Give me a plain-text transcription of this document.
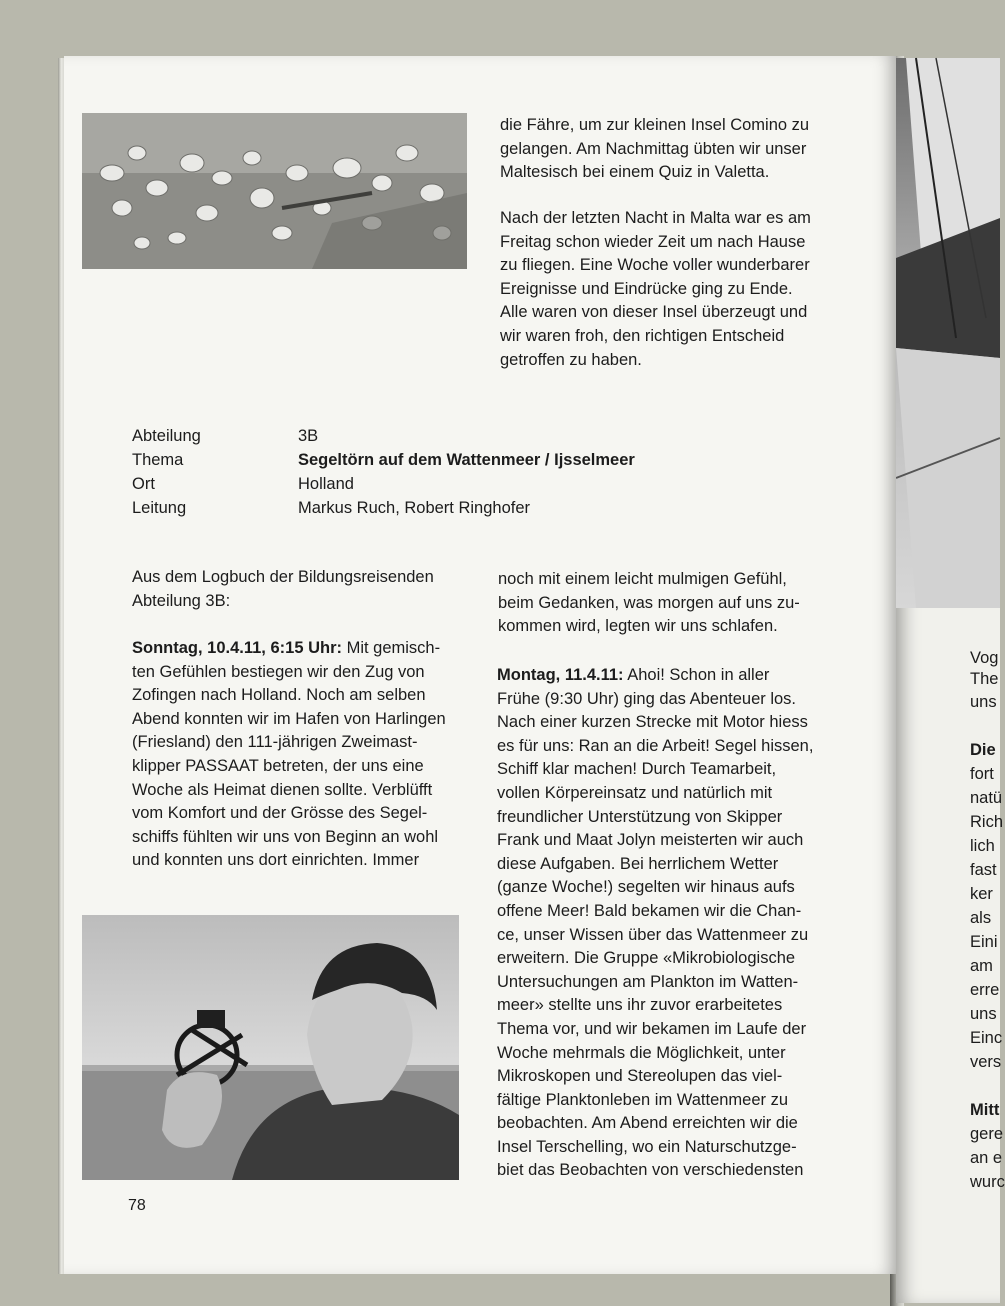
die Fähre, um zur kleinen Insel Comino zu

gelangen. Am Nachmittag übten wir unser

Maltesisch bei einem Quiz in Valetta.

Nach der letzten Nacht in Malta war es am

Freitag schon wieder Zeit um nach Hause

zu fliegen. Eine Woche voller wunderbarer

Ereignisse und Eindrücke ging zu Ende.

Alle waren von dieser Insel überzeugt und

wir waren froh, den richtigen Entscheid

getroffen zu haben.

Abteilung	3B
Thema	Segeltörn auf dem Wattenmeer / Ijsselmeer
Ort	Holland
Leitung	Markus Ruch, Robert Ringhofer

Aus dem Logbuch der Bildungsreisenden

Abteilung 3B:

Sonntag, 10.4.11, 6:15 Uhr: Mit gemisch-

ten Gefühlen bestiegen wir den Zug von

Zofingen nach Holland. Noch am selben

Abend konnten wir im Hafen von Harlingen

(Friesland) den 111-jährigen Zweimast-

klipper PASSAAT betreten, der uns eine

Woche als Heimat dienen sollte. Verblüfft

vom Komfort und der Grösse des Segel-

schiffs fühlten wir uns von Beginn an wohl

und konnten uns dort einrichten. Immer

noch mit einem leicht mulmigen Gefühl,

beim Gedanken, was morgen auf uns zu-

kommen wird, legten wir uns schlafen.

Montag, 11.4.11: Ahoi! Schon in aller

Frühe (9:30 Uhr) ging das Abenteuer los.

Nach einer kurzen Strecke mit Motor hiess

es für uns: Ran an die Arbeit! Segel hissen,

Schiff klar machen! Durch Teamarbeit,

vollen Körpereinsatz und natürlich mit

freundlicher Unterstützung von Skipper

Frank und Maat Jolyn meisterten wir auch

diese Aufgaben. Bei herrlichem Wetter

(ganze Woche!) segelten wir hinaus aufs

offene Meer! Bald bekamen wir die Chan-

ce, unser Wissen über das Wattenmeer zu

erweitern. Die Gruppe «Mikrobiologische

Untersuchungen am Plankton im Watten-

meer» stellte uns ihr zuvor erarbeitetes

Thema vor, und wir bekamen im Laufe der

Woche mehrmals die Möglichkeit, unter

Mikroskopen und Stereolupen das viel-

fältige Planktonleben im Wattenmeer zu

beobachten. Am Abend erreichten wir die

Insel Terschelling, wo ein Naturschutzge-

biet das Beobachten von verschiedensten

78
Vog
The
uns
Die
fort
natü
Rich
lich
fast
ker
als
Eini
am
erre
uns
Einc
vers
Mitt
gere
an e
wurc
